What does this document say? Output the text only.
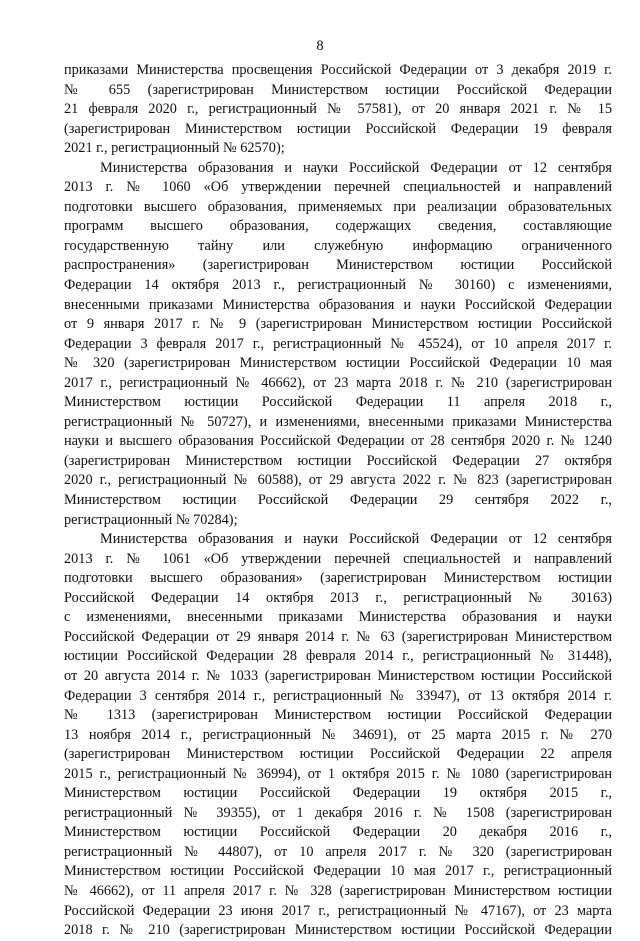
8
приказами Министерства просвещения Российской Федерации от 3 декабря 2019 г.
№ 655 (зарегистрирован Министерством юстиции Российской Федерации
21 февраля 2020 г., регистрационный № 57581), от 20 января 2021 г. № 15
(зарегистрирован Министерством юстиции Российской Федерации 19 февраля
2021 г., регистрационный № 62570);
Министерства образования и науки Российской Федерации от 12 сентября
2013 г. № 1060 «Об утверждении перечней специальностей и направлений
подготовки высшего образования, применяемых при реализации образовательных
программ высшего образования, содержащих сведения, составляющие
государственную тайну или служебную информацию ограниченного
распространения» (зарегистрирован Министерством юстиции Российской
Федерации 14 октября 2013 г., регистрационный № 30160) с изменениями,
внесенными приказами Министерства образования и науки Российской Федерации
от 9 января 2017 г. № 9 (зарегистрирован Министерством юстиции Российской
Федерации 3 февраля 2017 г., регистрационный № 45524), от 10 апреля 2017 г.
№ 320 (зарегистрирован Министерством юстиции Российской Федерации 10 мая
2017 г., регистрационный № 46662), от 23 марта 2018 г. № 210 (зарегистрирован
Министерством юстиции Российской Федерации 11 апреля 2018 г.,
регистрационный № 50727), и изменениями, внесенными приказами Министерства
науки и высшего образования Российской Федерации от 28 сентября 2020 г. № 1240
(зарегистрирован Министерством юстиции Российской Федерации 27 октября
2020 г., регистрационный № 60588), от 29 августа 2022 г. № 823 (зарегистрирован
Министерством юстиции Российской Федерации 29 сентября 2022 г.,
регистрационный № 70284);
Министерства образования и науки Российской Федерации от 12 сентября
2013 г. № 1061 «Об утверждении перечней специальностей и направлений
подготовки высшего образования» (зарегистрирован Министерством юстиции
Российской Федерации 14 октября 2013 г., регистрационный № 30163)
с изменениями, внесенными приказами Министерства образования и науки
Российской Федерации от 29 января 2014 г. № 63 (зарегистрирован Министерством
юстиции Российской Федерации 28 февраля 2014 г., регистрационный № 31448),
от 20 августа 2014 г. № 1033 (зарегистрирован Министерством юстиции Российской
Федерации 3 сентября 2014 г., регистрационный № 33947), от 13 октября 2014 г.
№ 1313 (зарегистрирован Министерством юстиции Российской Федерации
13 ноября 2014 г., регистрационный № 34691), от 25 марта 2015 г. № 270
(зарегистрирован Министерством юстиции Российской Федерации 22 апреля
2015 г., регистрационный № 36994), от 1 октября 2015 г. № 1080 (зарегистрирован
Министерством юстиции Российской Федерации 19 октября 2015 г.,
регистрационный № 39355), от 1 декабря 2016 г. № 1508 (зарегистрирован
Министерством юстиции Российской Федерации 20 декабря 2016 г.,
регистрационный № 44807), от 10 апреля 2017 г. № 320 (зарегистрирован
Министерством юстиции Российской Федерации 10 мая 2017 г., регистрационный
№ 46662), от 11 апреля 2017 г. № 328 (зарегистрирован Министерством юстиции
Российской Федерации 23 июня 2017 г., регистрационный № 47167), от 23 марта
2018 г. № 210 (зарегистрирован Министерством юстиции Российской Федерации
